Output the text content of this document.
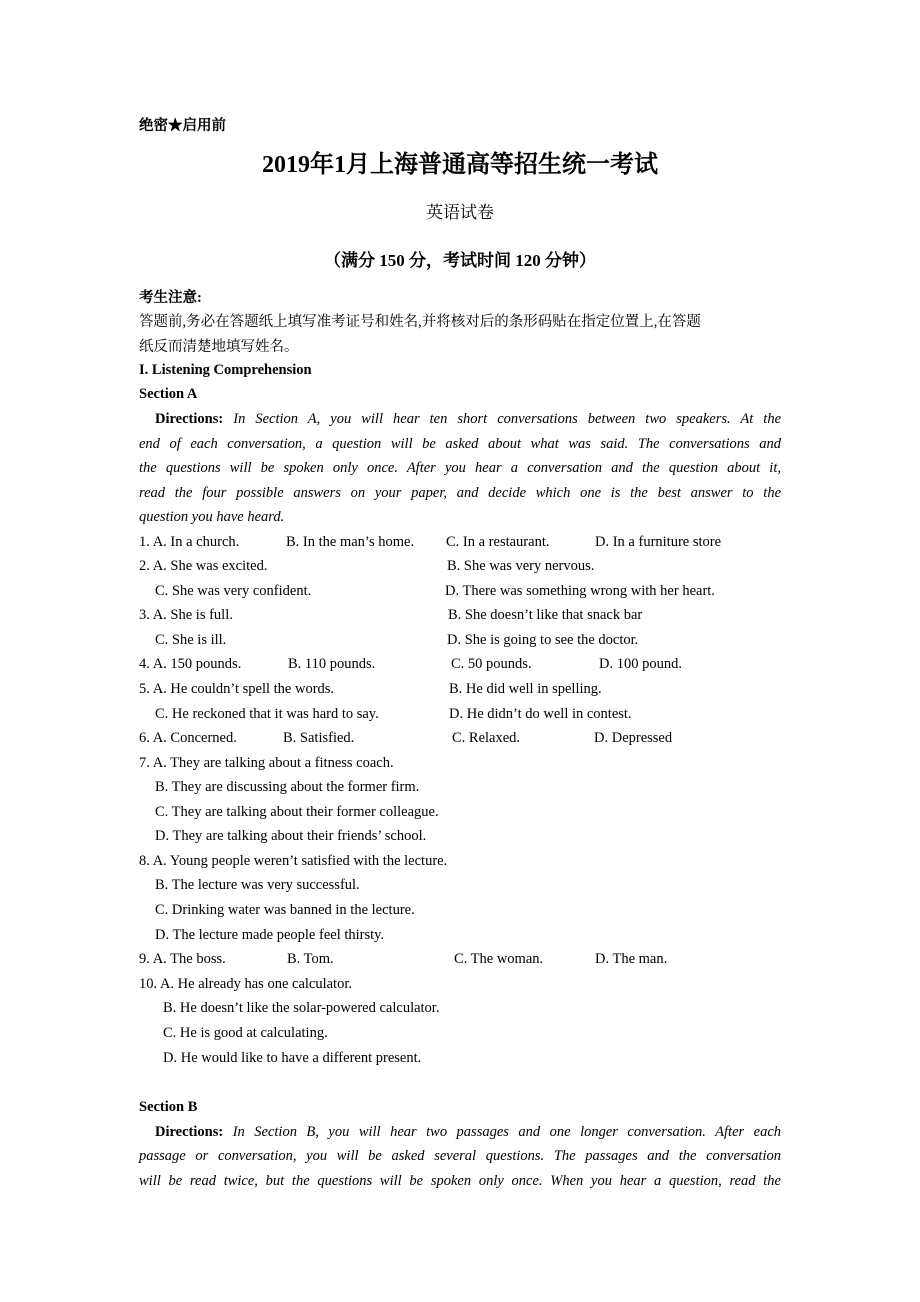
绝密★启用前
2019年1月上海普通高等招生统一考试
英语试卷
（满分 150 分，考试时间 120 分钟）
考生注意:
答题前,务必在答题纸上填写准考证号和姓名,并将核对后的条形码贴在指定位置上,在答题
纸反而清楚地填写姓名。
I. Listening Comprehension
Section A
Directions: In Section A, you will hear ten short conversations between two speakers. At the
end of each conversation, a question will be asked about what was said. The conversations and
the questions will be spoken only once. After you hear a conversation and the question about it,
read the four possible answers on your paper, and decide which one is the best answer to the
question you have heard.
1. A. In a church.	B. In the man’s home. C. In a restaurant.	D. In a furniture store
2. A. She was excited.	B. She was very nervous.
C. She was very confident.	D. There was something wrong with her heart.
3. A. She is full.	B. She doesn’t like that snack bar
C. She is ill.	D. She is going to see the doctor.
4. A. 150 pounds.	B. 110 pounds.	C. 50 pounds.	D. 100 pound.
5. A. He couldn’t spell the words.	B. He did well in spelling.
C. He reckoned that it was hard to say.	D. He didn’t do well in contest.
6. A. Concerned.	B. Satisfied.	C. Relaxed.	D. Depressed
7. A. They are talking about a fitness coach.
B. They are discussing about the former firm.
C. They are talking about their former colleague.
D. They are talking about their friends’ school.
8. A. Young people weren’t satisfied with the lecture.
B. The lecture was very successful.
C. Drinking water was banned in the lecture.
D. The lecture made people feel thirsty.
9. A. The boss.	B. Tom.	C. The woman.	D. The man.
10. A. He already has one calculator.
B. He doesn’t like the solar-powered calculator.
C. He is good at calculating.
D. He would like to have a different present.
Section B
Directions: In Section B, you will hear two passages and one longer conversation. After each
passage or conversation, you will be asked several questions. The passages and the conversation
will be read twice, but the questions will be spoken only once. When you hear a question, read the
